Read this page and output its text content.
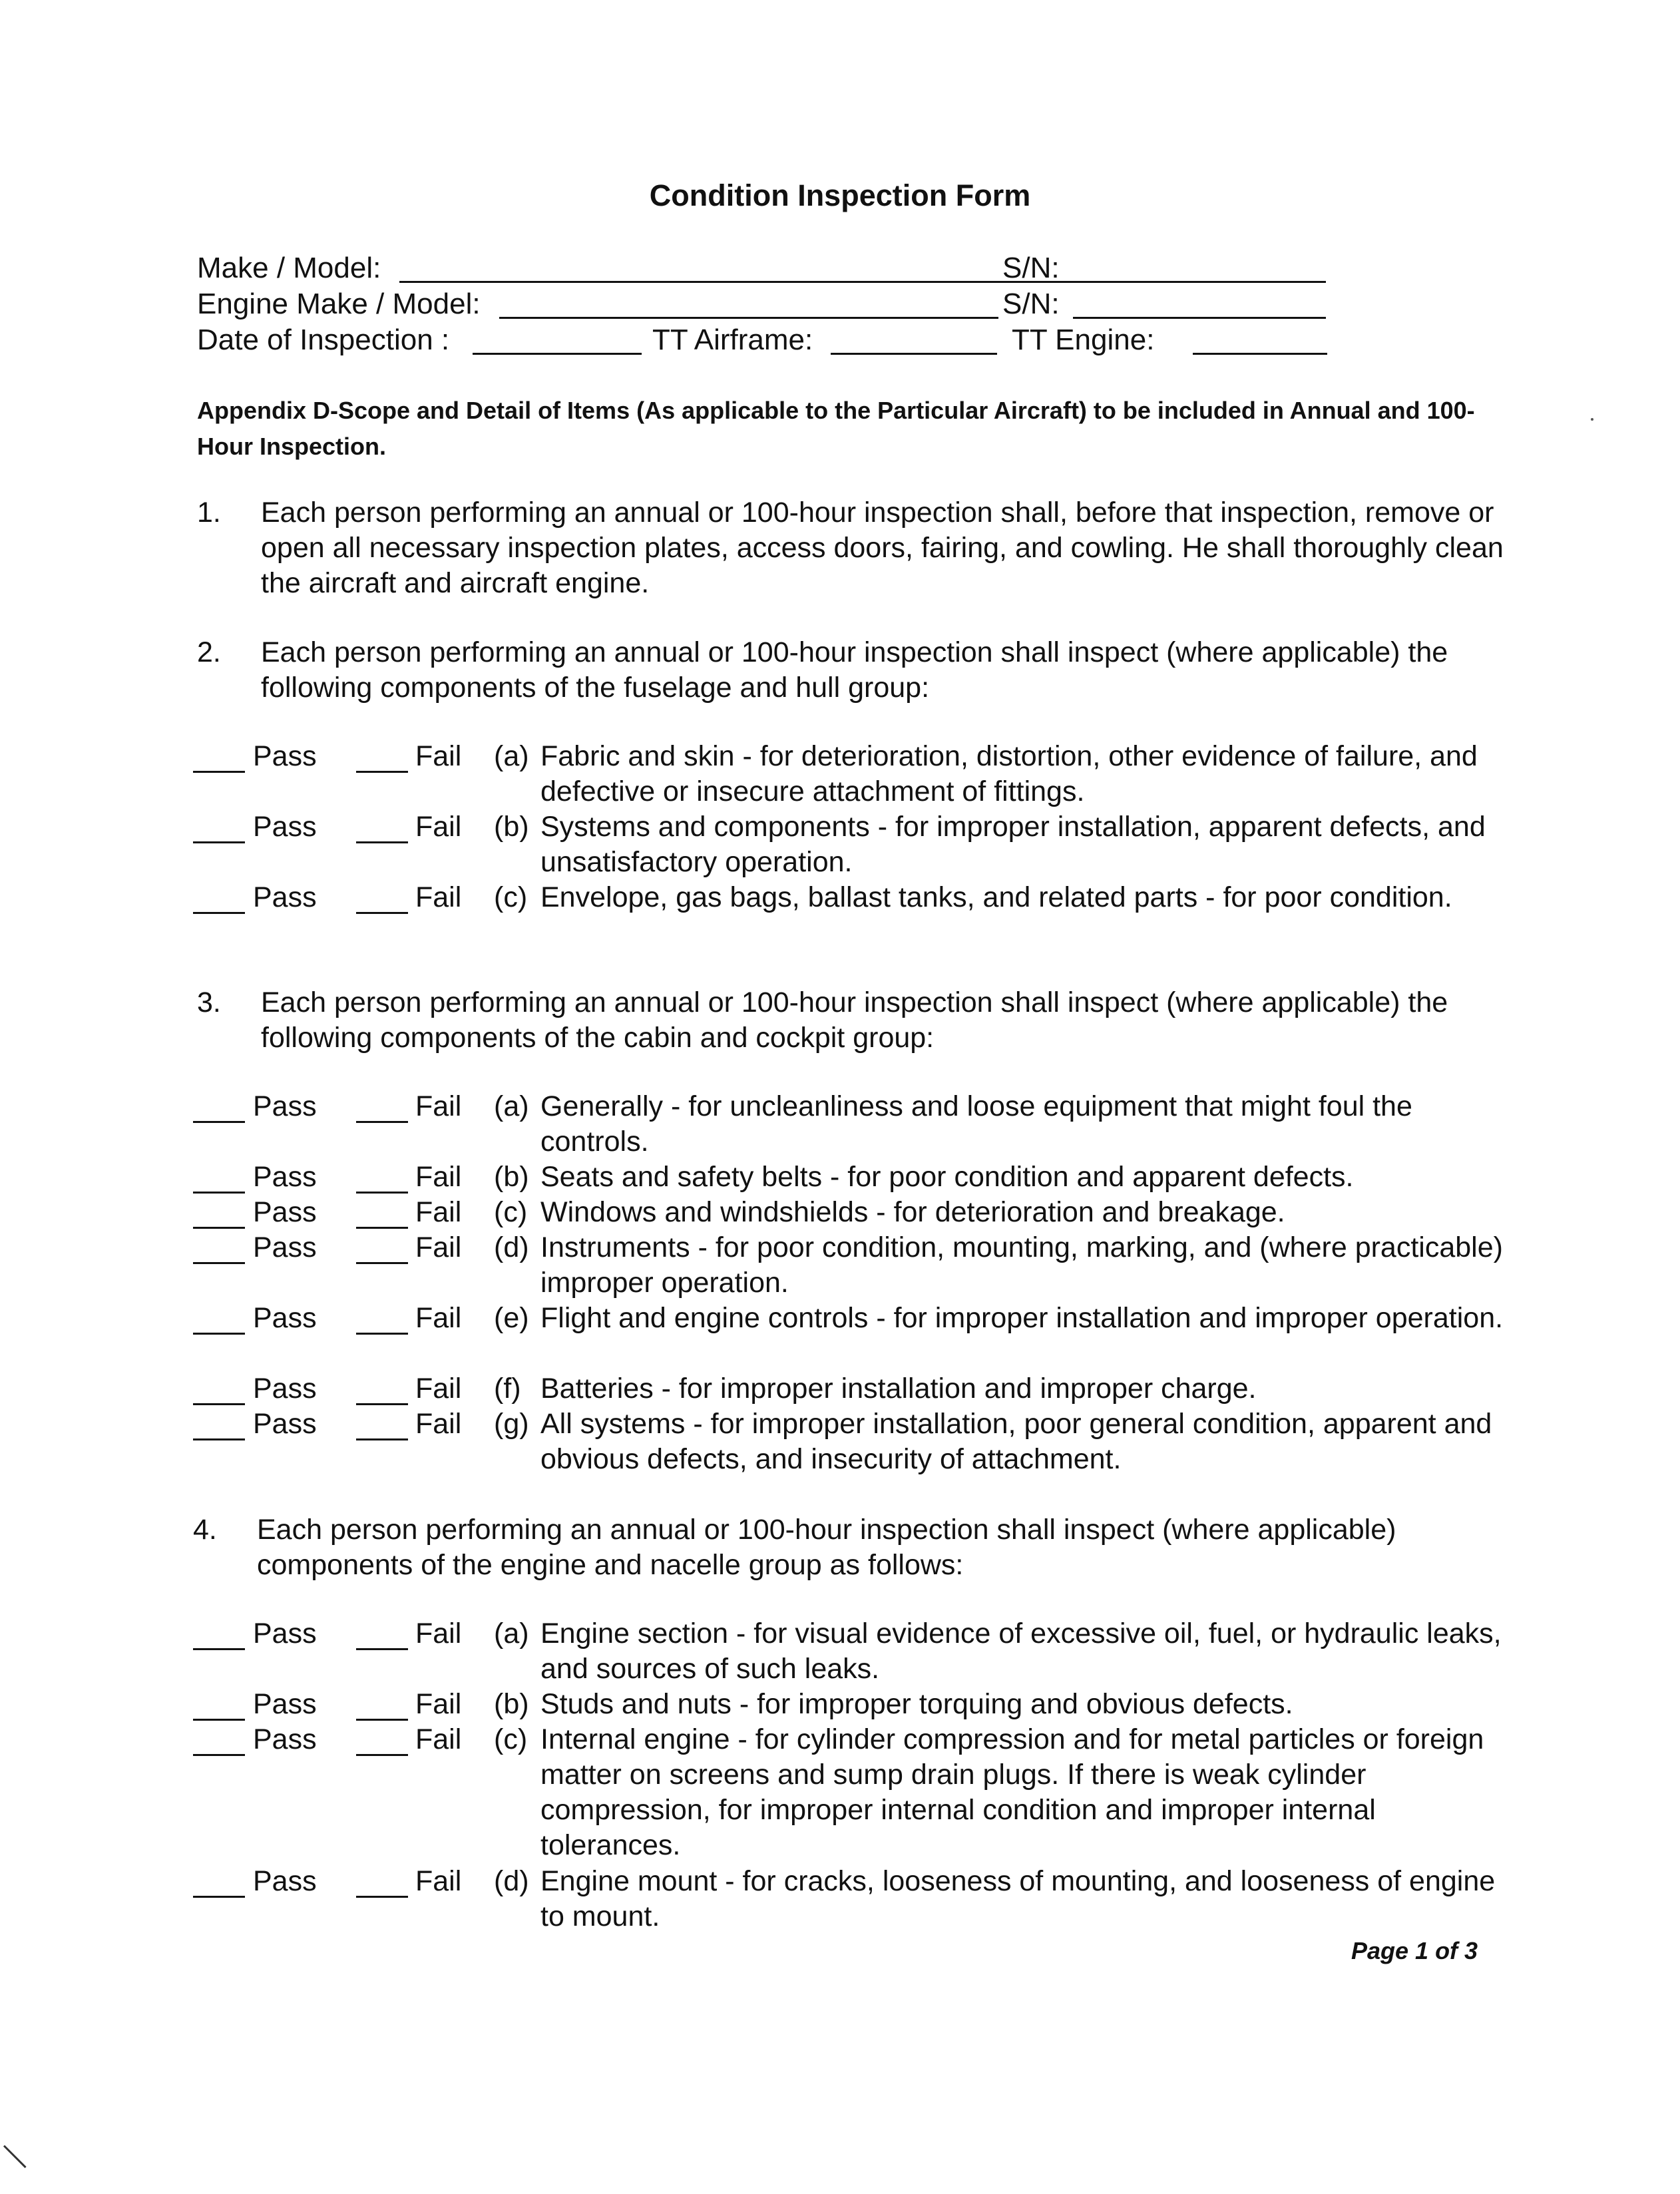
Condition Inspection Form
Make / Model:	S/N:
Engine Make / Model:	S/N:
Date of Inspection :	TT Airframe:	TT Engine:
Appendix D-Scope and Detail of Items (As applicable to the Particular Aircraft) to be included in Annual and 100-Hour Inspection.
1. Each person performing an annual or 100-hour inspection shall, before that inspection, remove or open all necessary inspection plates, access doors, fairing, and cowling. He shall thoroughly clean the aircraft and aircraft engine.
2. Each person performing an annual or 100-hour inspection shall inspect (where applicable) the following components of the fuselage and hull group:
Pass	Fail (a) Fabric and skin - for deterioration, distortion, other evidence of failure, and defective or insecure attachment of fittings.
Pass	Fail (b) Systems and components - for improper installation, apparent defects, and unsatisfactory operation.
Pass	Fail (c) Envelope, gas bags, ballast tanks, and related parts - for poor condition.
3. Each person performing an annual or 100-hour inspection shall inspect (where applicable) the following components of the cabin and cockpit group:
Pass	Fail (a) Generally - for uncleanliness and loose equipment that might foul the controls.
Pass	Fail (b) Seats and safety belts - for poor condition and apparent defects.
Pass	Fail (c) Windows and windshields - for deterioration and breakage.
Pass	Fail (d) Instruments - for poor condition, mounting, marking, and (where practicable) improper operation.
Pass	Fail (e) Flight and engine controls - for improper installation and improper operation.
Pass	Fail (f) Batteries - for improper installation and improper charge.
Pass	Fail (g) All systems - for improper installation, poor general condition, apparent and obvious defects, and insecurity of attachment.
4. Each person performing an annual or 100-hour inspection shall inspect (where applicable) components of the engine and nacelle group as follows:
Pass	Fail (a) Engine section - for visual evidence of excessive oil, fuel, or hydraulic leaks, and sources of such leaks.
Pass	Fail (b) Studs and nuts - for improper torquing and obvious defects.
Pass	Fail (c) Internal engine - for cylinder compression and for metal particles or foreign matter on screens and sump drain plugs. If there is weak cylinder compression, for improper internal condition and improper internal tolerances.
Pass	Fail (d) Engine mount - for cracks, looseness of mounting, and looseness of engine to mount.
Page 1 of 3
